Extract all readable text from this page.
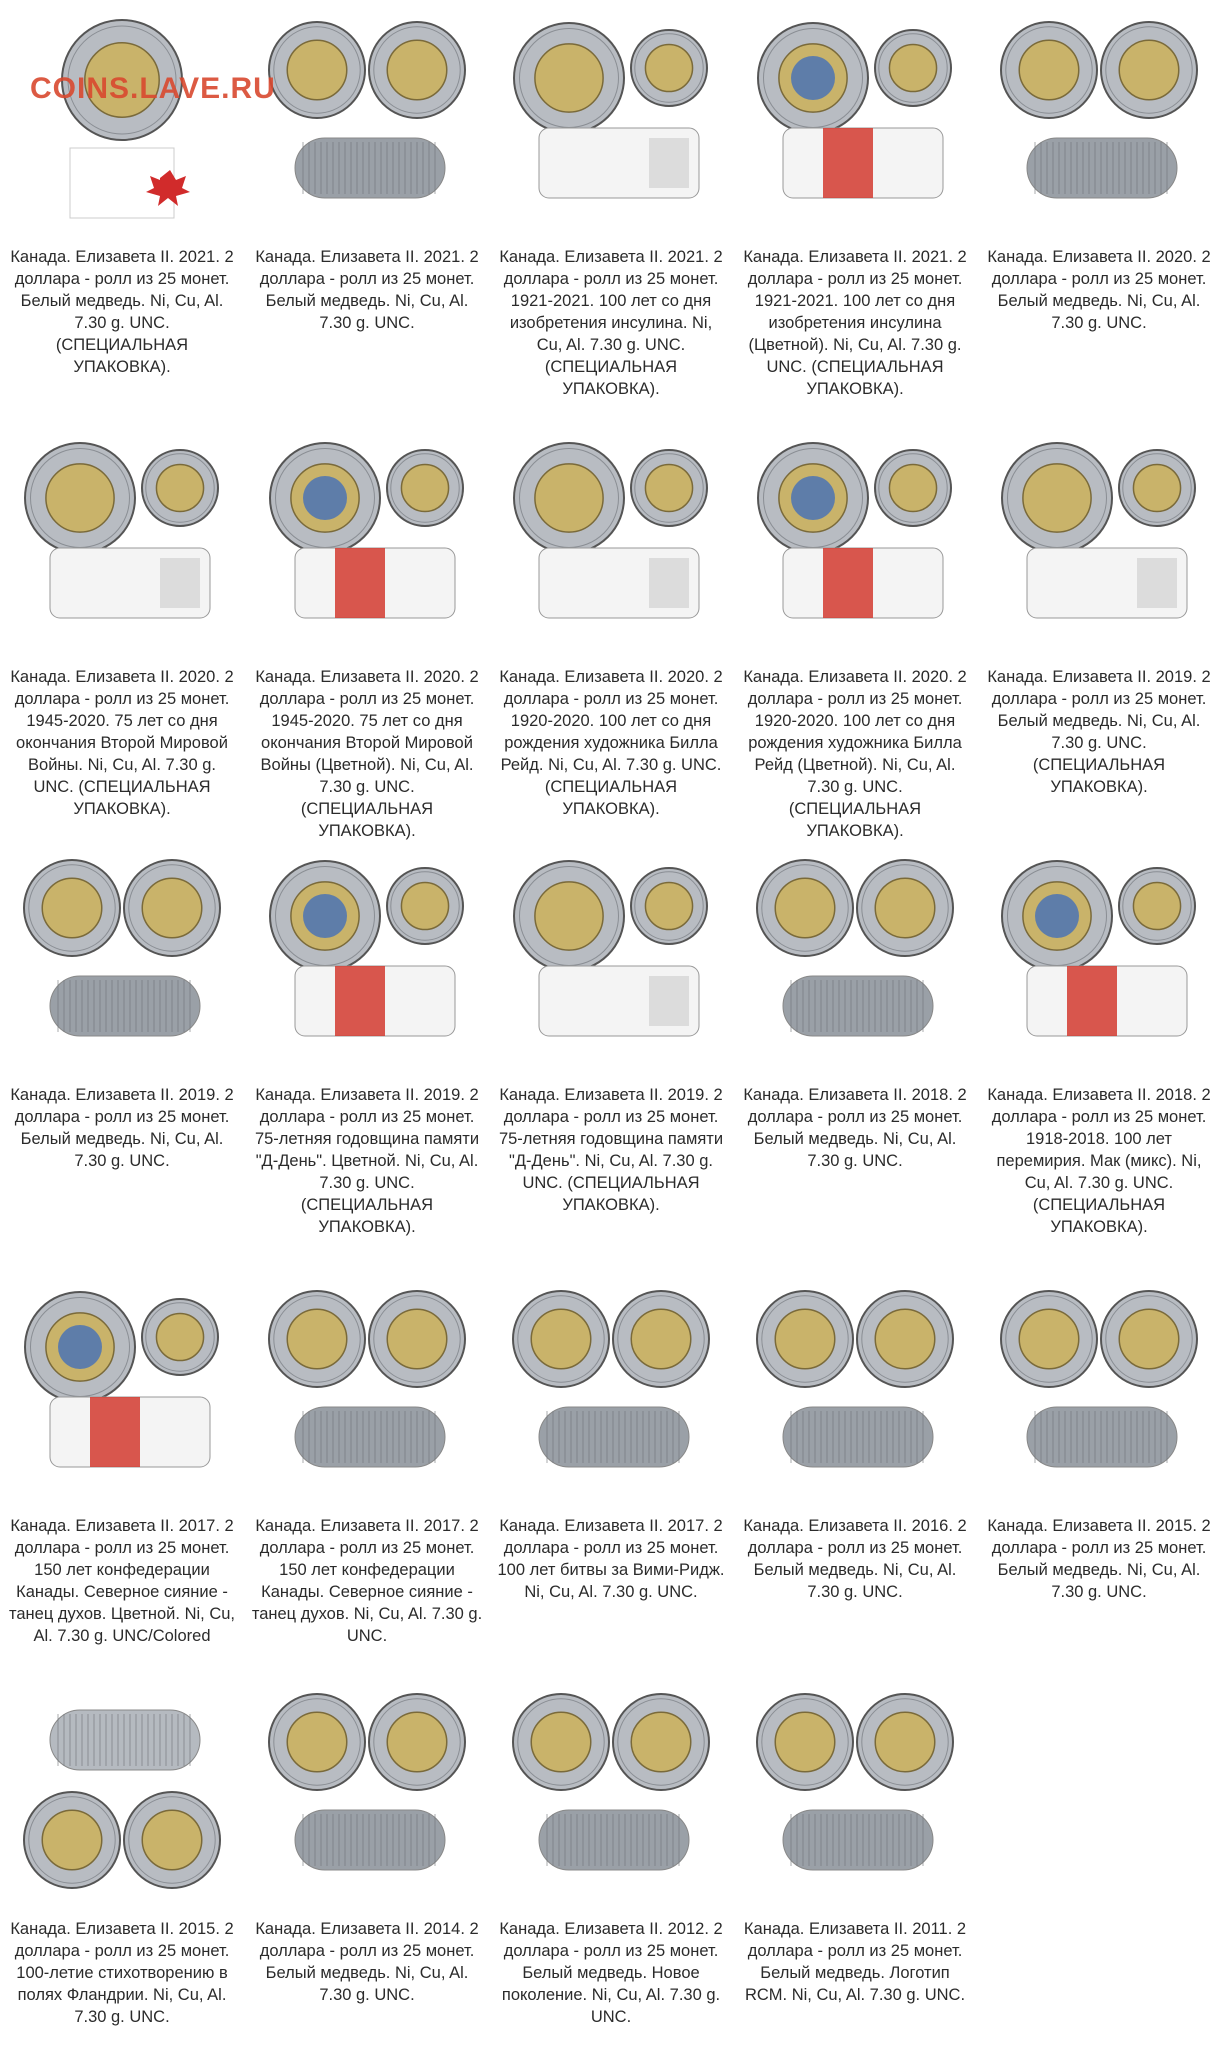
Канада. Елизавета II. 2021. 2 доллара - ролл из 25 монет. Белый медведь. Ni, Cu, Al. 7.30 g. UNC. (СПЕЦИАЛЬНАЯ УПАКОВКА).
Канада. Елизавета II. 2021. 2 доллара - ролл из 25 монет. Белый медведь. Ni, Cu, Al. 7.30 g. UNC.
Канада. Елизавета II. 2021. 2 доллара - ролл из 25 монет. 1921-2021. 100 лет со дня изобретения инсулина. Ni, Cu, Al. 7.30 g. UNC. (СПЕЦИАЛЬНАЯ УПАКОВКА).
Канада. Елизавета II. 2021. 2 доллара - ролл из 25 монет. 1921-2021. 100 лет со дня изобретения инсулина (Цветной). Ni, Cu, Al. 7.30 g. UNC. (СПЕЦИАЛЬНАЯ УПАКОВКА).
Канада. Елизавета II. 2020. 2 доллара - ролл из 25 монет. Белый медведь. Ni, Cu, Al. 7.30 g. UNC.
Канада. Елизавета II. 2020. 2 доллара - ролл из 25 монет. 1945-2020. 75 лет со дня окончания Второй Мировой Войны. Ni, Cu, Al. 7.30 g. UNC. (СПЕЦИАЛЬНАЯ УПАКОВКА).
Канада. Елизавета II. 2020. 2 доллара - ролл из 25 монет. 1945-2020. 75 лет со дня окончания Второй Мировой Войны (Цветной). Ni, Cu, Al. 7.30 g. UNC. (СПЕЦИАЛЬНАЯ УПАКОВКА).
Канада. Елизавета II. 2020. 2 доллара - ролл из 25 монет. 1920-2020. 100 лет со дня рождения художника Билла Рейд. Ni, Cu, Al. 7.30 g. UNC. (СПЕЦИАЛЬНАЯ УПАКОВКА).
Канада. Елизавета II. 2020. 2 доллара - ролл из 25 монет. 1920-2020. 100 лет со дня рождения художника Билла Рейд (Цветной). Ni, Cu, Al. 7.30 g. UNC. (СПЕЦИАЛЬНАЯ УПАКОВКА).
Канада. Елизавета II. 2019. 2 доллара - ролл из 25 монет. Белый медведь. Ni, Cu, Al. 7.30 g. UNC. (СПЕЦИАЛЬНАЯ УПАКОВКА).
Канада. Елизавета II. 2019. 2 доллара - ролл из 25 монет. Белый медведь. Ni, Cu, Al. 7.30 g. UNC.
Канада. Елизавета II. 2019. 2 доллара - ролл из 25 монет. 75-летняя годовщина памяти "Д-День". Цветной. Ni, Cu, Al. 7.30 g. UNC. (СПЕЦИАЛЬНАЯ УПАКОВКА).
Канада. Елизавета II. 2019. 2 доллара - ролл из 25 монет. 75-летняя годовщина памяти "Д-День". Ni, Cu, Al. 7.30 g. UNC. (СПЕЦИАЛЬНАЯ УПАКОВКА).
Канада. Елизавета II. 2018. 2 доллара - ролл из 25 монет. Белый медведь. Ni, Cu, Al. 7.30 g. UNC.
Канада. Елизавета II. 2018. 2 доллара - ролл из 25 монет. 1918-2018. 100 лет перемирия. Мак (микс). Ni, Cu, Al. 7.30 g. UNC. (СПЕЦИАЛЬНАЯ УПАКОВКА).
Канада. Елизавета II. 2017. 2 доллара - ролл из 25 монет. 150 лет конфедерации Канады. Северное сияние - танец духов. Цветной. Ni, Cu, Al. 7.30 g. UNC/Colored
Канада. Елизавета II. 2017. 2 доллара - ролл из 25 монет. 150 лет конфедерации Канады. Северное сияние - танец духов. Ni, Cu, Al. 7.30 g. UNC.
Канада. Елизавета II. 2017. 2 доллара - ролл из 25 монет. 100 лет битвы за Вими-Ридж. Ni, Cu, Al. 7.30 g. UNC.
Канада. Елизавета II. 2016. 2 доллара - ролл из 25 монет. Белый медведь. Ni, Cu, Al. 7.30 g. UNC.
Канада. Елизавета II. 2015. 2 доллара - ролл из 25 монет. Белый медведь. Ni, Cu, Al. 7.30 g. UNC.
Канада. Елизавета II. 2015. 2 доллара - ролл из 25 монет. 100-летие стихотворению в полях Фландрии. Ni, Cu, Al. 7.30 g. UNC.
Канада. Елизавета II. 2014. 2 доллара - ролл из 25 монет. Белый медведь. Ni, Cu, Al. 7.30 g. UNC.
Канада. Елизавета II. 2012. 2 доллара - ролл из 25 монет. Белый медведь. Новое поколение. Ni, Cu, Al. 7.30 g. UNC.
Канада. Елизавета II. 2011. 2 доллара - ролл из 25 монет. Белый медведь. Логотип RCM. Ni, Cu, Al. 7.30 g. UNC.
COINS.LAVE.RU
